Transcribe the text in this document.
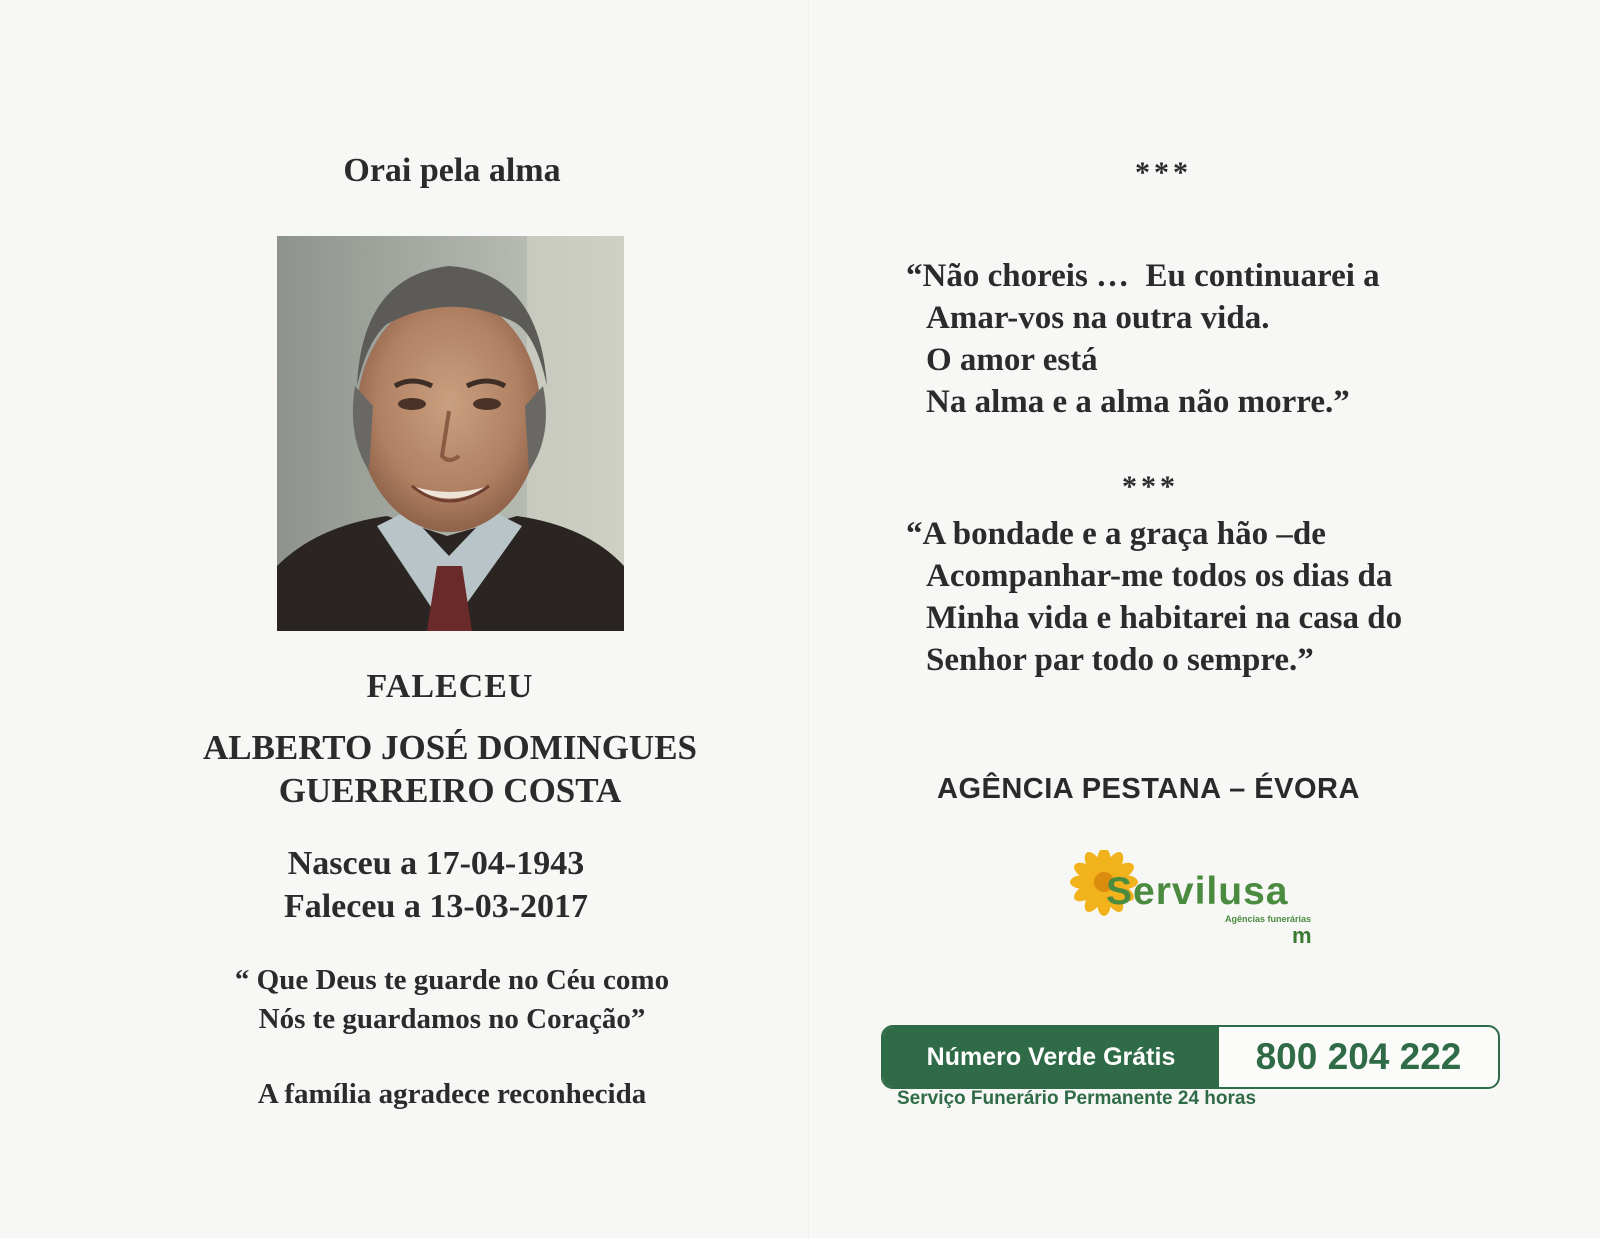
Orai pela alma
FALECEU
ALBERTO JOSÉ DOMINGUES
GUERREIRO COSTA
Nasceu a 17-04-1943
Faleceu a 13-03-2017
“ Que Deus te guarde no Céu como
Nós te guardamos no Coração”
A família agradece reconhecida
***
“Não choreis …  Eu continuarei a
Amar-vos na outra vida.
O amor está
Na alma e a alma não morre.”
***
“A bondade e a graça hão –de
Acompanhar-me todos os dias da
Minha vida e habitarei na casa do
Senhor par todo o sempre.”
AGÊNCIA PESTANA – ÉVORA
Servilusa
Agências funerárias
m
Número Verde Grátis	800 204 222
Serviço Funerário Permanente 24 horas
